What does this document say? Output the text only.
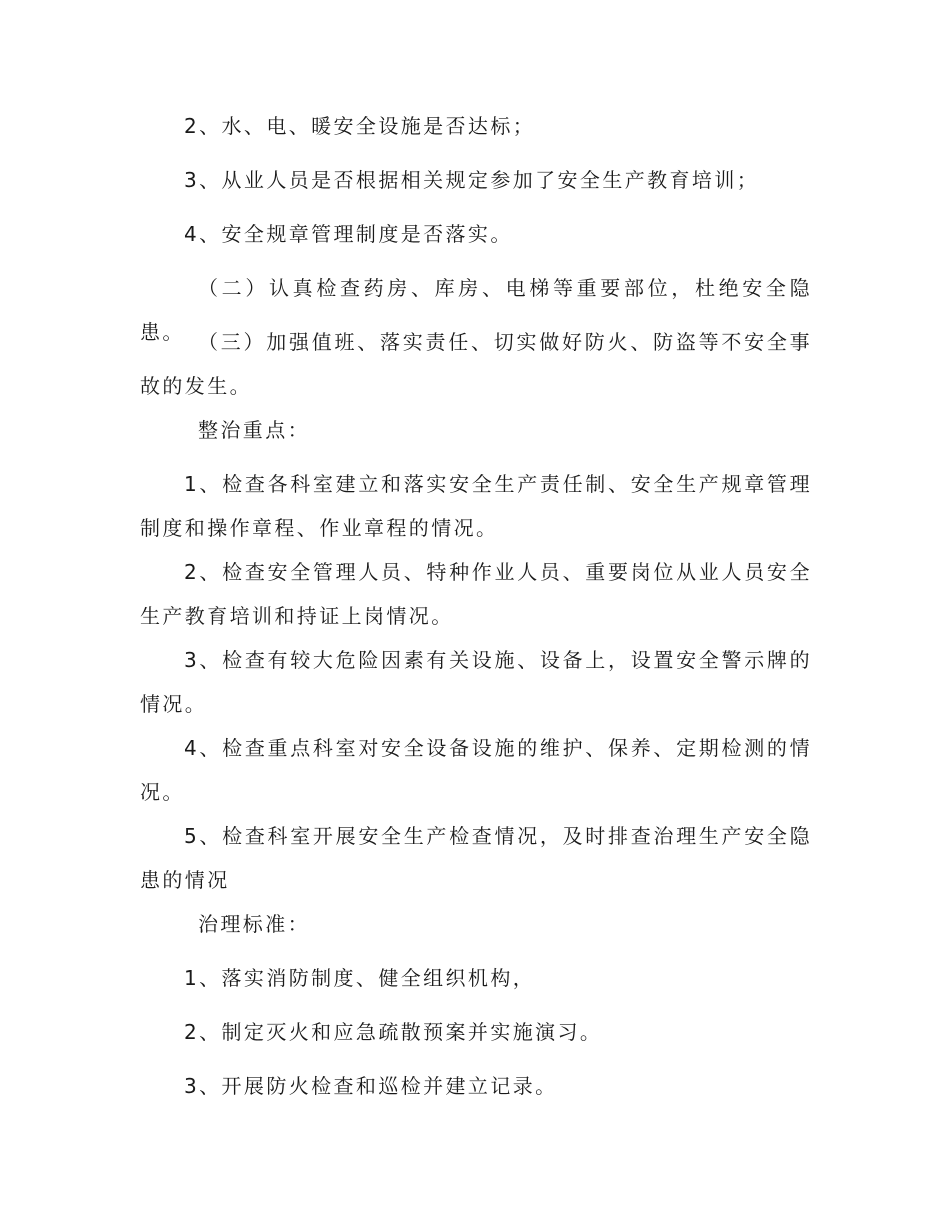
2、水、电、暖安全设施是否达标；

3、从业人员是否根据相关规定参加了安全生产教育培训；

4、安全规章管理制度是否落实。

（二）认真检查药房、库房、电梯等重要部位，杜绝安全隐患。 （三）加强值班、落实责任、切实做好防火、防盗等不安全事故的发生。

整治重点：

1、检查各科室建立和落实安全生产责任制、安全生产规章管理制度和操作章程、作业章程的情况。

2、检查安全管理人员、特种作业人员、重要岗位从业人员安全生产教育培训和持证上岗情况。

3、检查有较大危险因素有关设施、设备上，设置安全警示牌的情况。

4、检查重点科室对安全设备设施的维护、保养、定期检测的情况。

5、检查科室开展安全生产检查情况，及时排查治理生产安全隐患的情况

治理标准：

1、落实消防制度、健全组织机构，

2、制定灭火和应急疏散预案并实施演习。

3、开展防火检查和巡检并建立记录。
